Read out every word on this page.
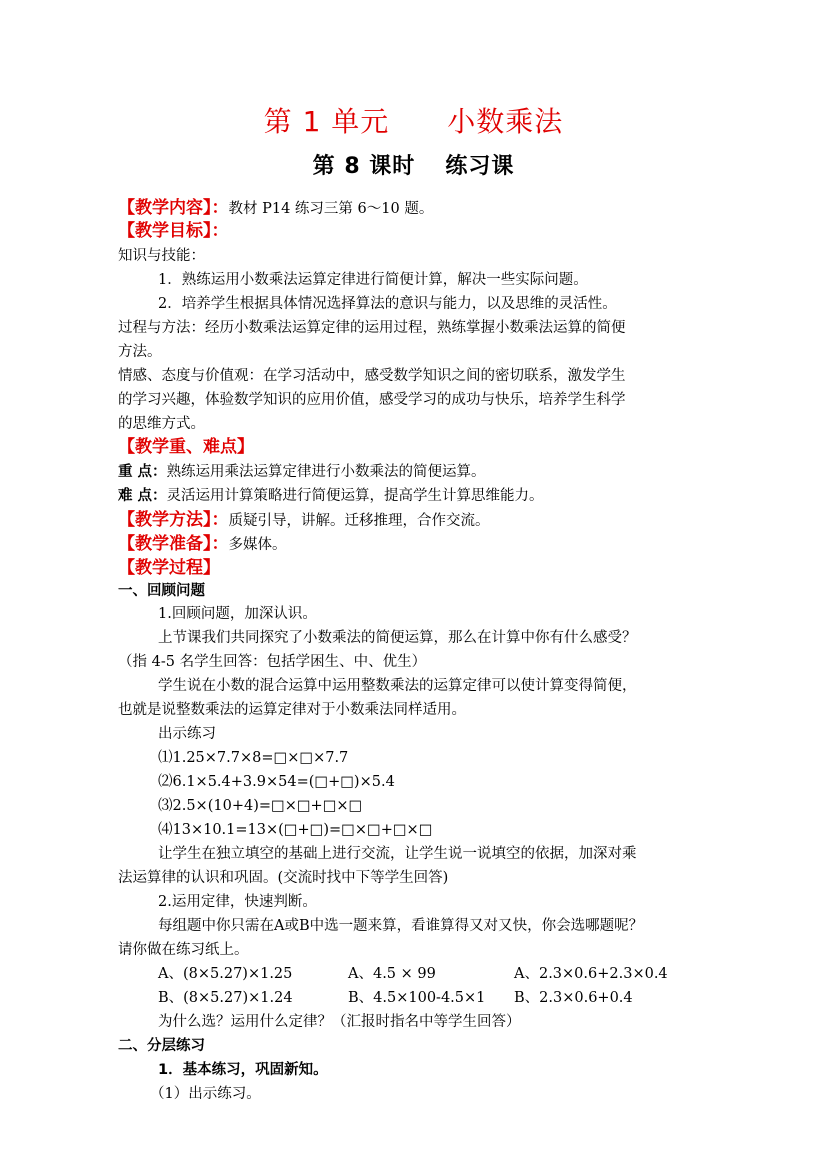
第 1 单元 小数乘法
第 8 课时 练习课
【教学内容】：教材 P14 练习三第 6～10 题。
【教学目标】：
知识与技能：
1．熟练运用小数乘法运算定律进行简便计算，解决一些实际问题。
2．培养学生根据具体情况选择算法的意识与能力，以及思维的灵活性。
过程与方法：经历小数乘法运算定律的运用过程，熟练掌握小数乘法运算的简便
方法。
情感、态度与价值观：在学习活动中，感受数学知识之间的密切联系，激发学生
的学习兴趣，体验数学知识的应用价值，感受学习的成功与快乐，培养学生科学
的思维方式。
【教学重、难点】
重 点：熟练运用乘法运算定律进行小数乘法的简便运算。
难 点：灵活运用计算策略进行简便运算，提高学生计算思维能力。
【教学方法】：质疑引导，讲解。迁移推理，合作交流。
【教学准备】：多媒体。
【教学过程】
一、回顾问题
1.回顾问题，加深认识。
上节课我们共同探究了小数乘法的简便运算，那么在计算中你有什么感受？
（指 4-5 名学生回答：包括学困生、中、优生）
学生说在小数的混合运算中运用整数乘法的运算定律可以使计算变得简便，
也就是说整数乘法的运算定律对于小数乘法同样适用。
出示练习
⑴1.25×7.7×8=□×□×7.7
⑵6.1×5.4+3.9×54=(□+□)×5.4
⑶2.5×(10+4)=□×□+□×□
⑷13×10.1=13×(□+□)=□×□+□×□
让学生在独立填空的基础上进行交流，让学生说一说填空的依据，加深对乘
法运算律的认识和巩固。(交流时找中下等学生回答)
2.运用定律，快速判断。
每组题中你只需在A或B中选一题来算，看谁算得又对又快，你会选哪题呢？
请你做在练习纸上。
A、(8×5.27)×1.25	A、4.5 × 99	A、2.3×0.6+2.3×0.4
B、(8×5.27)×1.24	B、4.5×100-4.5×1 B、2.3×0.6+0.4
为什么选？运用什么定律？（汇报时指名中等学生回答）
二、分层练习
1．基本练习，巩固新知。
（1）出示练习。
